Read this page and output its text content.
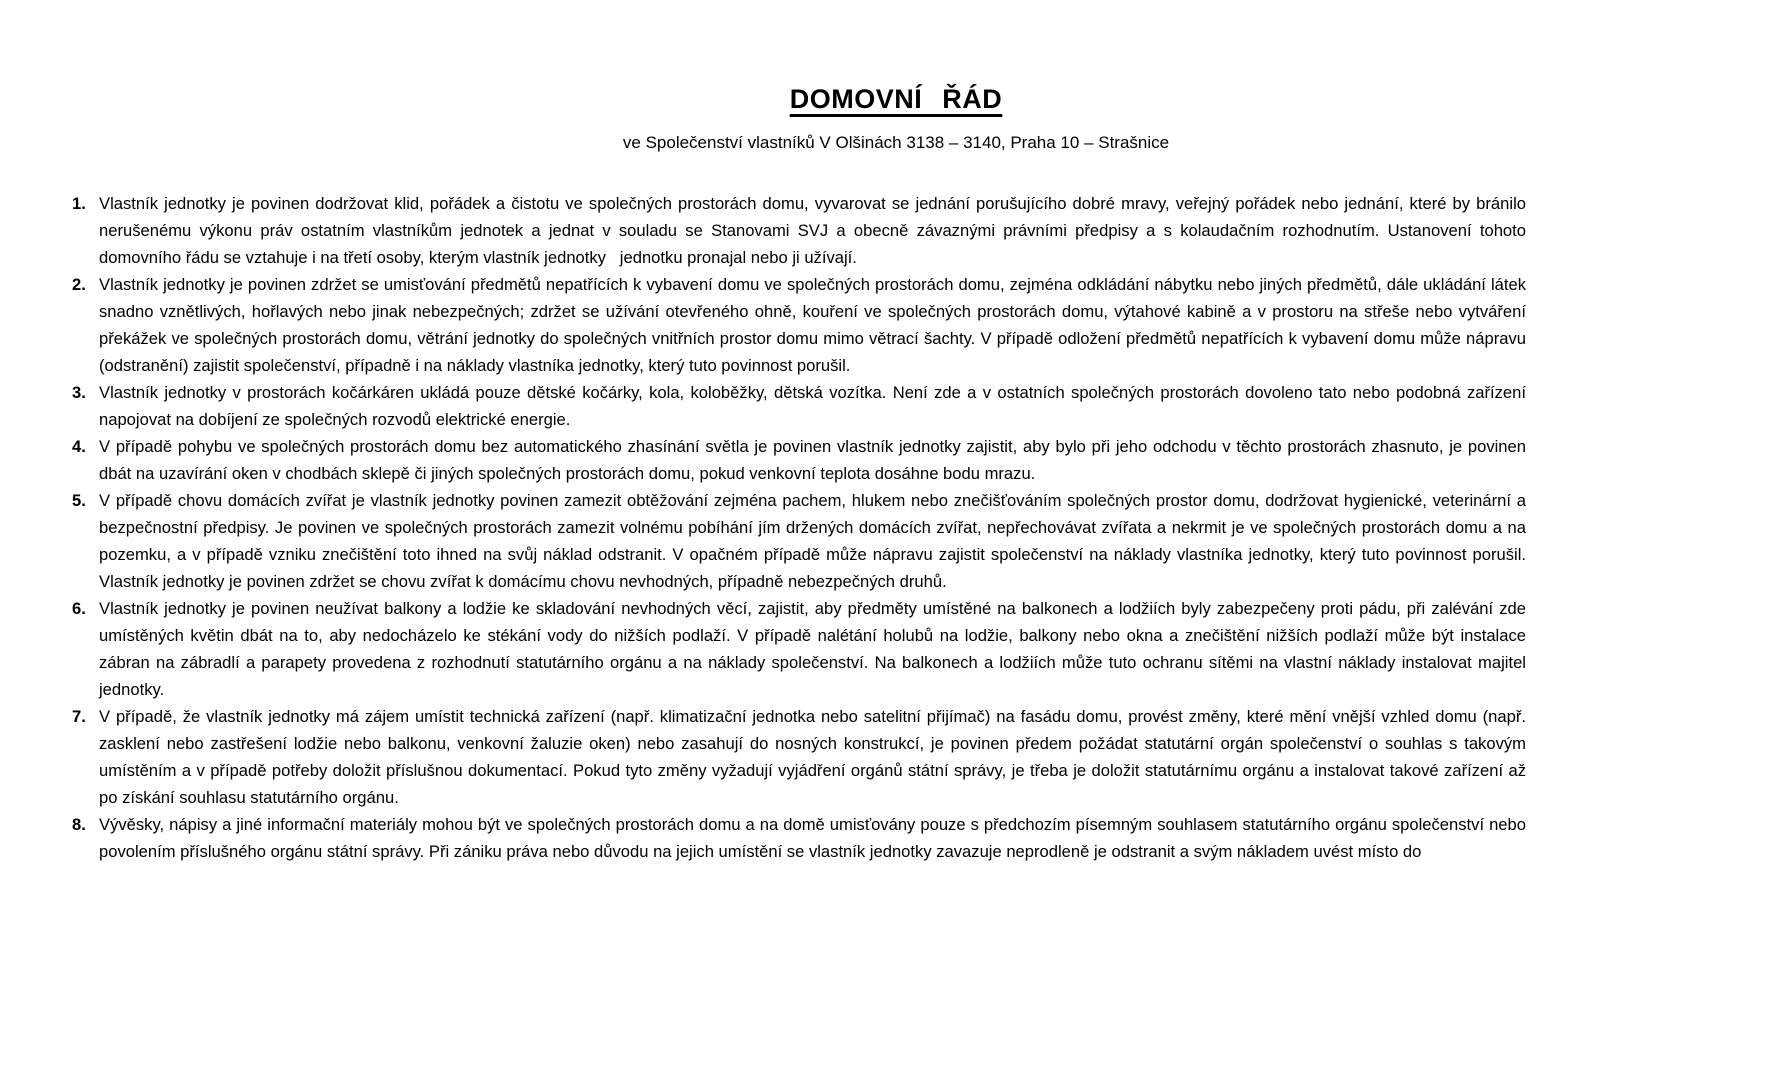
DOMOVNÍ ŘÁD
ve Společenství vlastníků V Olšinách 3138 – 3140, Praha 10 – Strašnice
1. Vlastník jednotky je povinen dodržovat klid, pořádek a čistotu ve společných prostorách domu, vyvarovat se jednání porušujícího dobré mravy, veřejný pořádek nebo jednání, které by bránilo nerušenému výkonu práv ostatním vlastníkům jednotek a jednat v souladu se Stanovami SVJ a obecně závaznými právními předpisy a s kolaudačním rozhodnutím. Ustanovení tohoto domovního řádu se vztahuje i na třetí osoby, kterým vlastník jednotky   jednotku pronajal nebo ji užívají.
2. Vlastník jednotky je povinen zdržet se umisťování předmětů nepatřících k vybavení domu ve společných prostorách domu, zejména odkládání nábytku nebo jiných předmětů, dále ukládání látek snadno vznětlivých, hořlavých nebo jinak nebezpečných; zdržet se užívání otevřeného ohně, kouření ve společných prostorách domu, výtahové kabině a v prostoru na střeše nebo vytváření překážek ve společných prostorách domu, větrání jednotky do společných vnitřních prostor domu mimo větrací šachty. V případě odložení předmětů nepatřících k vybavení domu může nápravu (odstranění) zajistit společenství, případně i na náklady vlastníka jednotky, který tuto povinnost porušil.
3. Vlastník jednotky v prostorách kočárkáren ukládá pouze dětské kočárky, kola, koloběžky, dětská vozítka. Není zde a v ostatních společných prostorách dovoleno tato nebo podobná zařízení napojovat na dobíjení ze společných rozvodů elektrické energie.
4. V případě pohybu ve společných prostorách domu bez automatického zhasínání světla je povinen vlastník jednotky zajistit, aby bylo při jeho odchodu v těchto prostorách zhasnuto, je povinen dbát na uzavírání oken v chodbách sklepě či jiných společných prostorách domu, pokud venkovní teplota dosáhne bodu mrazu.
5. V případě chovu domácích zvířat je vlastník jednotky povinen zamezit obtěžování zejména pachem, hlukem nebo znečišťováním společných prostor domu, dodržovat hygienické, veterinární a bezpečnostní předpisy. Je povinen ve společných prostorách zamezit volnému pobíhání jím držených domácích zvířat, nepřechovávat zvířata a nekrmit je ve společných prostorách domu a na pozemku, a v případě vzniku znečištění toto ihned na svůj náklad odstranit. V opačném případě může nápravu zajistit společenství na náklady vlastníka jednotky, který tuto povinnost porušil. Vlastník jednotky je povinen zdržet se chovu zvířat k domácímu chovu nevhodných, případně nebezpečných druhů.
6. Vlastník jednotky je povinen neužívat balkony a lodžie ke skladování nevhodných věcí, zajistit, aby předměty umístěné na balkonech a lodžiích byly zabezpečeny proti pádu, při zalévání zde umístěných květin dbát na to, aby nedocházelo ke stékání vody do nižších podlaží. V případě nalétání holubů na lodžie, balkony nebo okna a znečištění nižších podlaží může být instalace zábran na zábradlí a parapety provedena z rozhodnutí statutárního orgánu a na náklady společenství. Na balkonech a lodžiích může tuto ochranu sítěmi na vlastní náklady instalovat majitel jednotky.
7. V případě, že vlastník jednotky má zájem umístit technická zařízení (např. klimatizační jednotka nebo satelitní přijímač) na fasádu domu, provést změny, které mění vnější vzhled domu (např. zasklení nebo zastřešení lodžie nebo balkonu, venkovní žaluzie oken) nebo zasahují do nosných konstrukcí, je povinen předem požádat statutární orgán společenství o souhlas s takovým umístěním a v případě potřeby doložit příslušnou dokumentací. Pokud tyto změny vyžadují vyjádření orgánů státní správy, je třeba je doložit statutárnímu orgánu a instalovat takové zařízení až po získání souhlasu statutárního orgánu.
8. Vývěsky, nápisy a jiné informační materiály mohou být ve společných prostorách domu a na domě umisťovány pouze s předchozím písemným souhlasem statutárního orgánu společenství nebo povolením příslušného orgánu státní správy. Při zániku práva nebo důvodu na jejich umístění se vlastník jednotky zavazuje neprodleně je odstranit a svým nákladem uvést místo do
